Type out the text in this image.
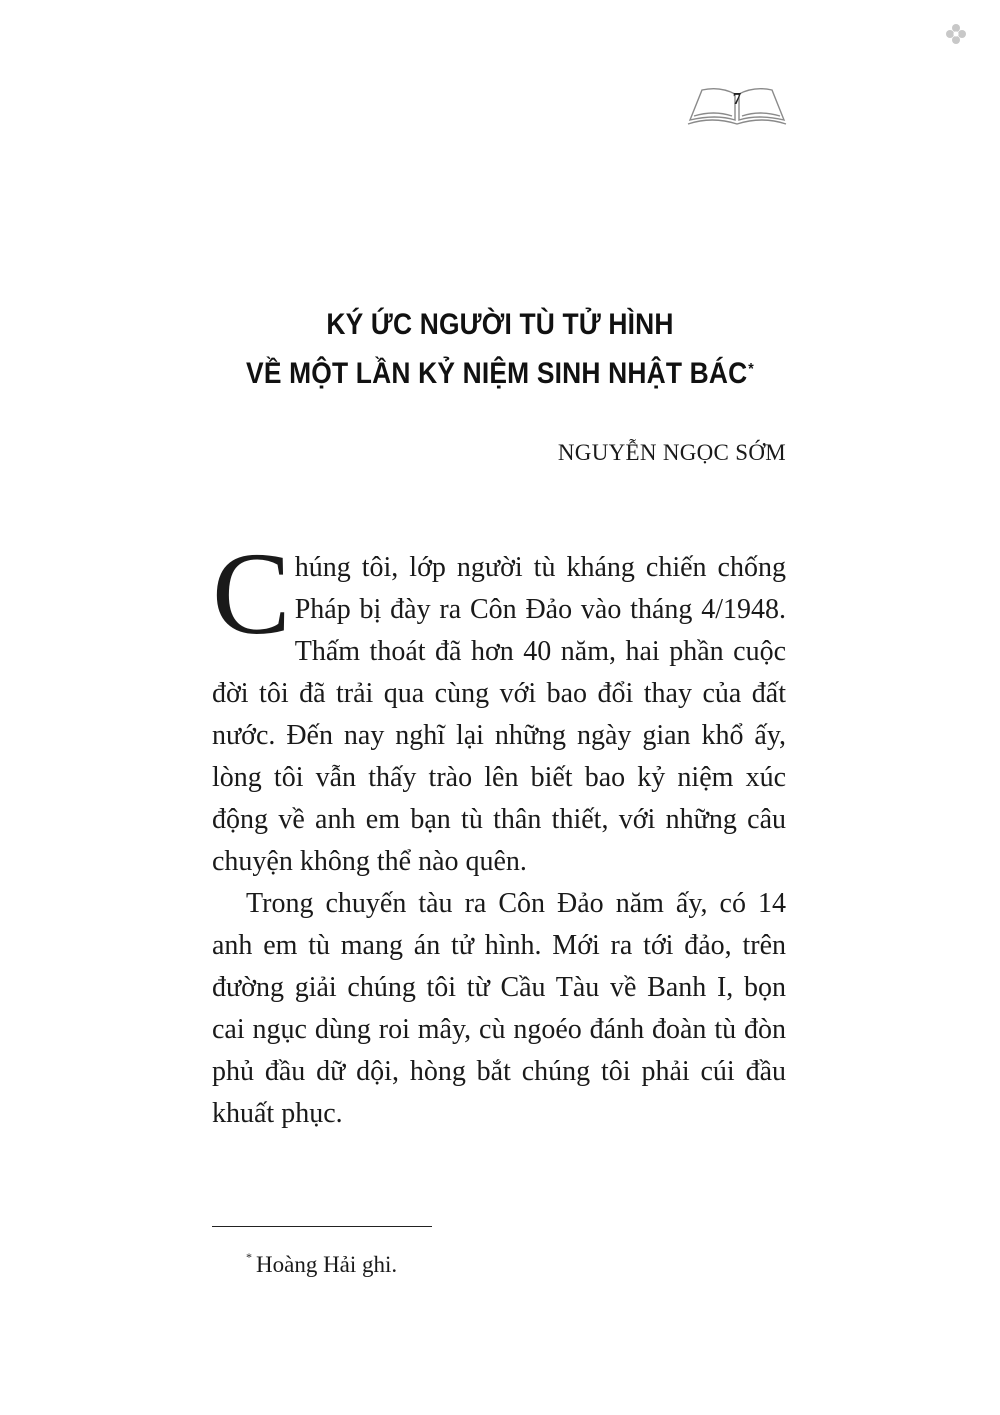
7
KÝ ỨC NGƯỜI TÙ TỬ HÌNH
VỀ MỘT LẦN KỶ NIỆM SINH NHẬT BÁC*
NGUYỄN NGỌC SỚM

Chúng tôi, lớp người tù kháng chiến chống Pháp bị đày ra Côn Đảo vào tháng 4/1948. Thấm thoát đã hơn 40 năm, hai phần cuộc đời tôi đã trải qua cùng với bao đổi thay của đất nước. Đến nay nghĩ lại những ngày gian khổ ấy, lòng tôi vẫn thấy trào lên biết bao kỷ niệm xúc động về anh em bạn tù thân thiết, với những câu chuyện không thể nào quên.

Trong chuyến tàu ra Côn Đảo năm ấy, có 14 anh em tù mang án tử hình. Mới ra tới đảo, trên đường giải chúng tôi từ Cầu Tàu về Banh I, bọn cai ngục dùng roi mây, cù ngoéo đánh đoàn tù đòn phủ đầu dữ dội, hòng bắt chúng tôi phải cúi đầu khuất phục.

* Hoàng Hải ghi.
